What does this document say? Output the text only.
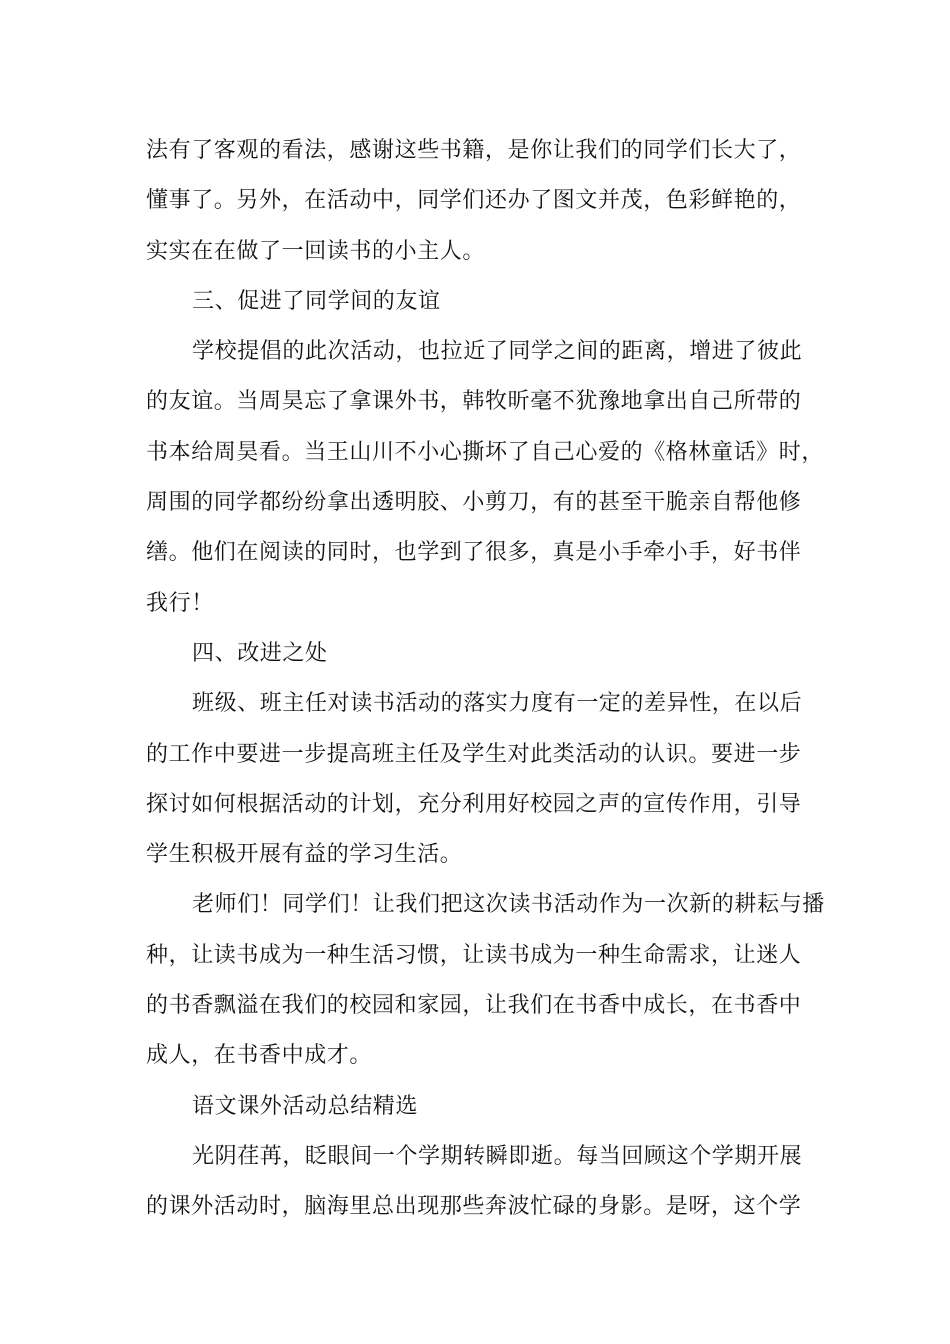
法有了客观的看法，感谢这些书籍，是你让我们的同学们长大了，
懂事了。另外，在活动中，同学们还办了图文并茂，色彩鲜艳的，
实实在在做了一回读书的小主人。
三、促进了同学间的友谊
学校提倡的此次活动，也拉近了同学之间的距离，增进了彼此
的友谊。当周昊忘了拿课外书，韩牧昕毫不犹豫地拿出自己所带的
书本给周昊看。当王山川不小心撕坏了自己心爱的《格林童话》时，
周围的同学都纷纷拿出透明胶、小剪刀，有的甚至干脆亲自帮他修
缮。他们在阅读的同时，也学到了很多，真是小手牵小手，好书伴
我行！
四、改进之处
班级、班主任对读书活动的落实力度有一定的差异性，在以后
的工作中要进一步提高班主任及学生对此类活动的认识。要进一步
探讨如何根据活动的计划，充分利用好校园之声的宣传作用，引导
学生积极开展有益的学习生活。
老师们！同学们！让我们把这次读书活动作为一次新的耕耘与播
种，让读书成为一种生活习惯，让读书成为一种生命需求，让迷人
的书香飘溢在我们的校园和家园，让我们在书香中成长，在书香中
成人，在书香中成才。
语文课外活动总结精选
光阴荏苒，眨眼间一个学期转瞬即逝。每当回顾这个学期开展
的课外活动时，脑海里总出现那些奔波忙碌的身影。是呀，这个学
